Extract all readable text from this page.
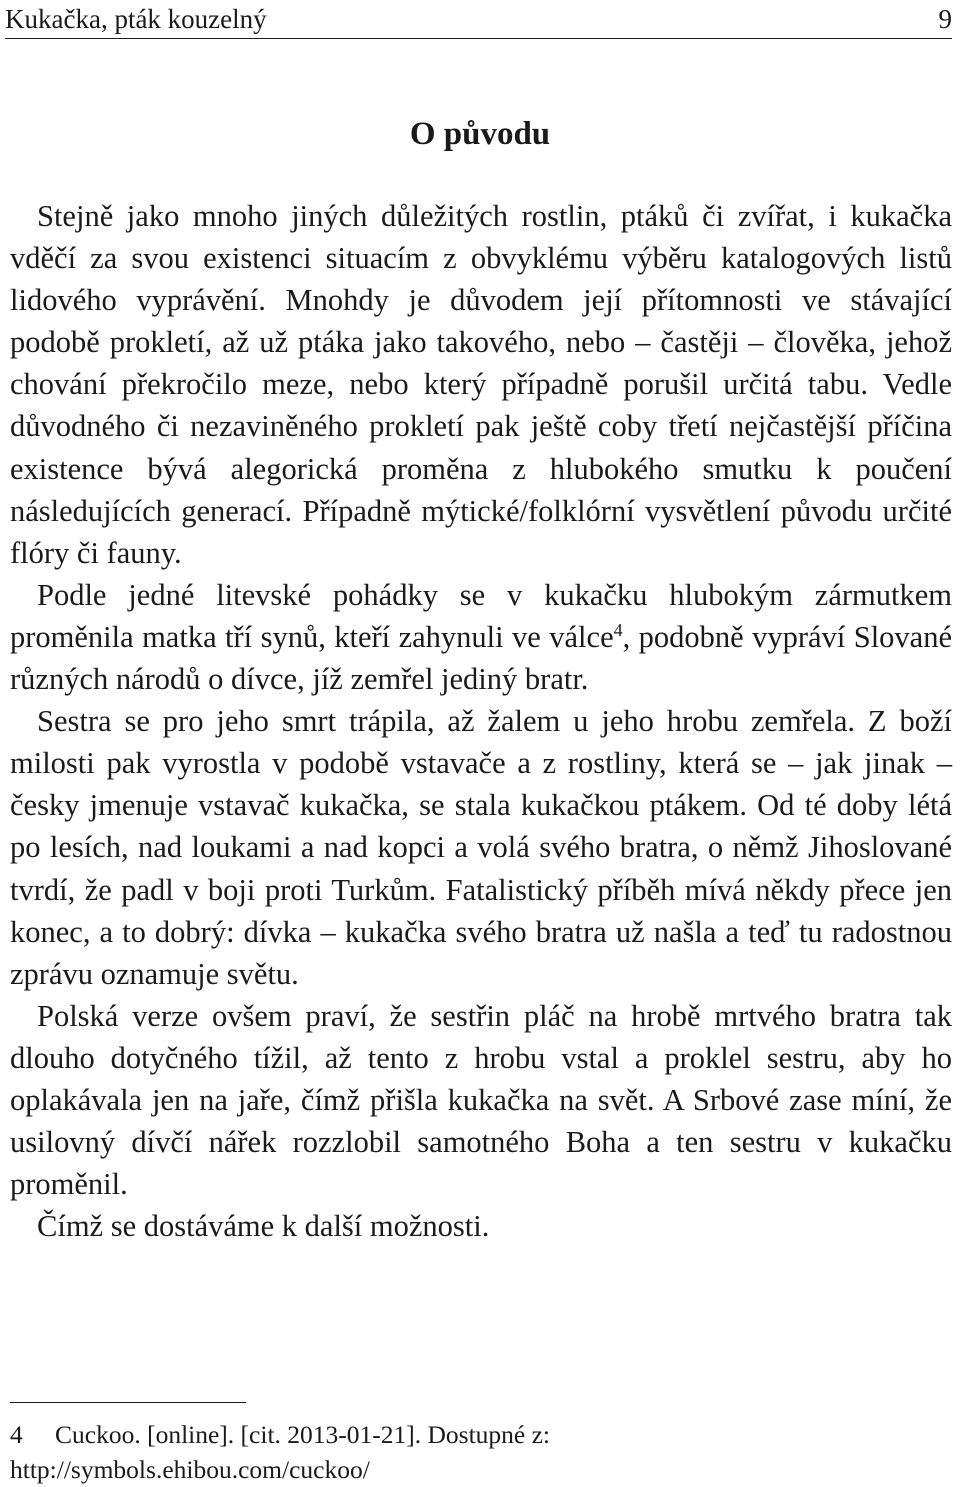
Kukačka, pták kouzelný	9
O původu

Stejně jako mnoho jiných důležitých rostlin, ptáků či zvířat, i kukačka vděčí za svou existenci situacím z obvyklému výběru katalogových listů lidového vyprávění. Mnohdy je důvodem její přítomnosti ve stávající podobě prokletí, až už ptáka jako takového, nebo – častěji – člověka, jehož chování překročilo meze, nebo který případně porušil určitá tabu. Vedle důvodného či nezaviněného prokletí pak ještě coby třetí nejčastější příčina existence bývá alegorická proměna z hlubokého smutku k poučení následujících generací. Případně mýtické/folklórní vysvětlení původu určité flóry či fauny.

Podle jedné litevské pohádky se v kukačku hlubokým zármutkem proměnila matka tří synů, kteří zahynuli ve válce$^4$, podobně vypráví Slované různých národů o dívce, jíž zemřel jediný bratr.

Sestra se pro jeho smrt trápila, až žalem u jeho hrobu zemřela. Z boží milosti pak vyrostla v podobě vstavače a z rostliny, která se – jak jinak – česky jmenuje vstavač kukačka, se stala kukačkou ptákem. Od té doby létá po lesích, nad loukami a nad kopci a volá svého bratra, o němž Jihoslované tvrdí, že padl v boji proti Turkům. Fatalistický příběh mívá někdy přece jen konec, a to dobrý: dívka – kukačka svého bratra už našla a teď tu radostnou zprávu oznamuje světu.

Polská verze ovšem praví, že sestřin pláč na hrobě mrtvého bratra tak dlouho dotyčného tížil, až tento z hrobu vstal a proklel sestru, aby ho oplakávala jen na jaře, čímž přišla kukačka na svět. A Srbové zase míní, že usilovný dívčí nářek rozzlobil samotného Boha a ten sestru v kukačku proměnil.

Čímž se dostáváme k další možnosti.

4	Cuckoo. [online]. [cit. 2013-01-21]. Dostupné z:
http://symbols.ehibou.com/cuckoo/
